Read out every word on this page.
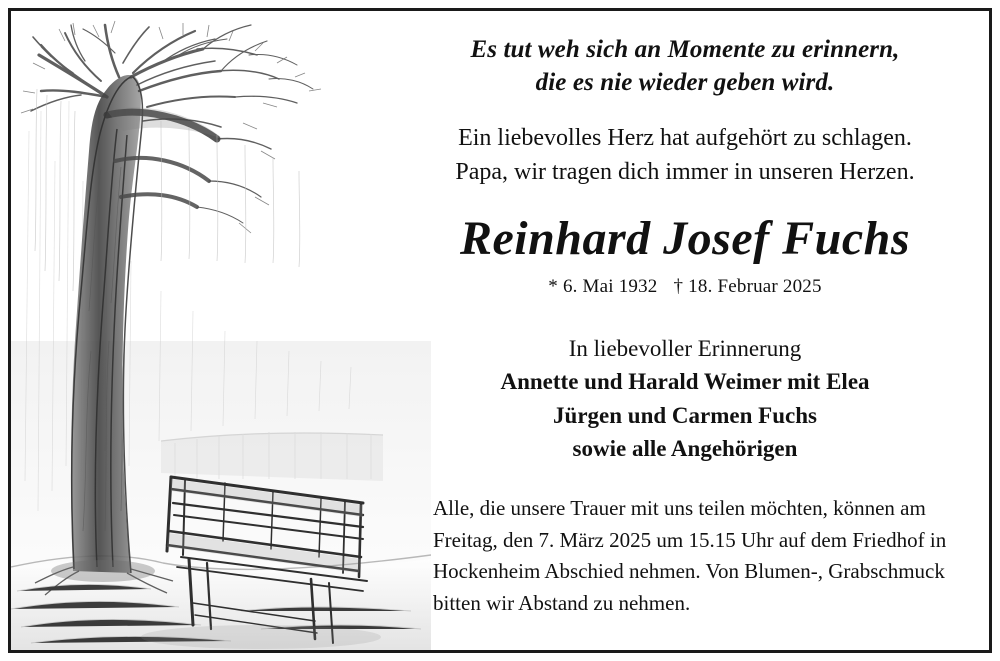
Es tut weh sich an Momente zu erinnern,
die es nie wieder geben wird.
Ein liebevolles Herz hat aufgehört zu schlagen.
Papa, wir tragen dich immer in unseren Herzen.
Reinhard Josef Fuchs
* 6. Mai 1932 † 18. Februar 2025
In liebevoller Erinnerung
Annette und Harald Weimer mit Elea
Jürgen und Carmen Fuchs
sowie alle Angehörigen

Alle, die unsere Trauer mit uns teilen möchten, können am Freitag, den 7. März 2025 um 15.15 Uhr auf dem Friedhof in Hockenheim Abschied nehmen. Von Blumen-, Grabschmuck bitten wir Abstand zu nehmen.
